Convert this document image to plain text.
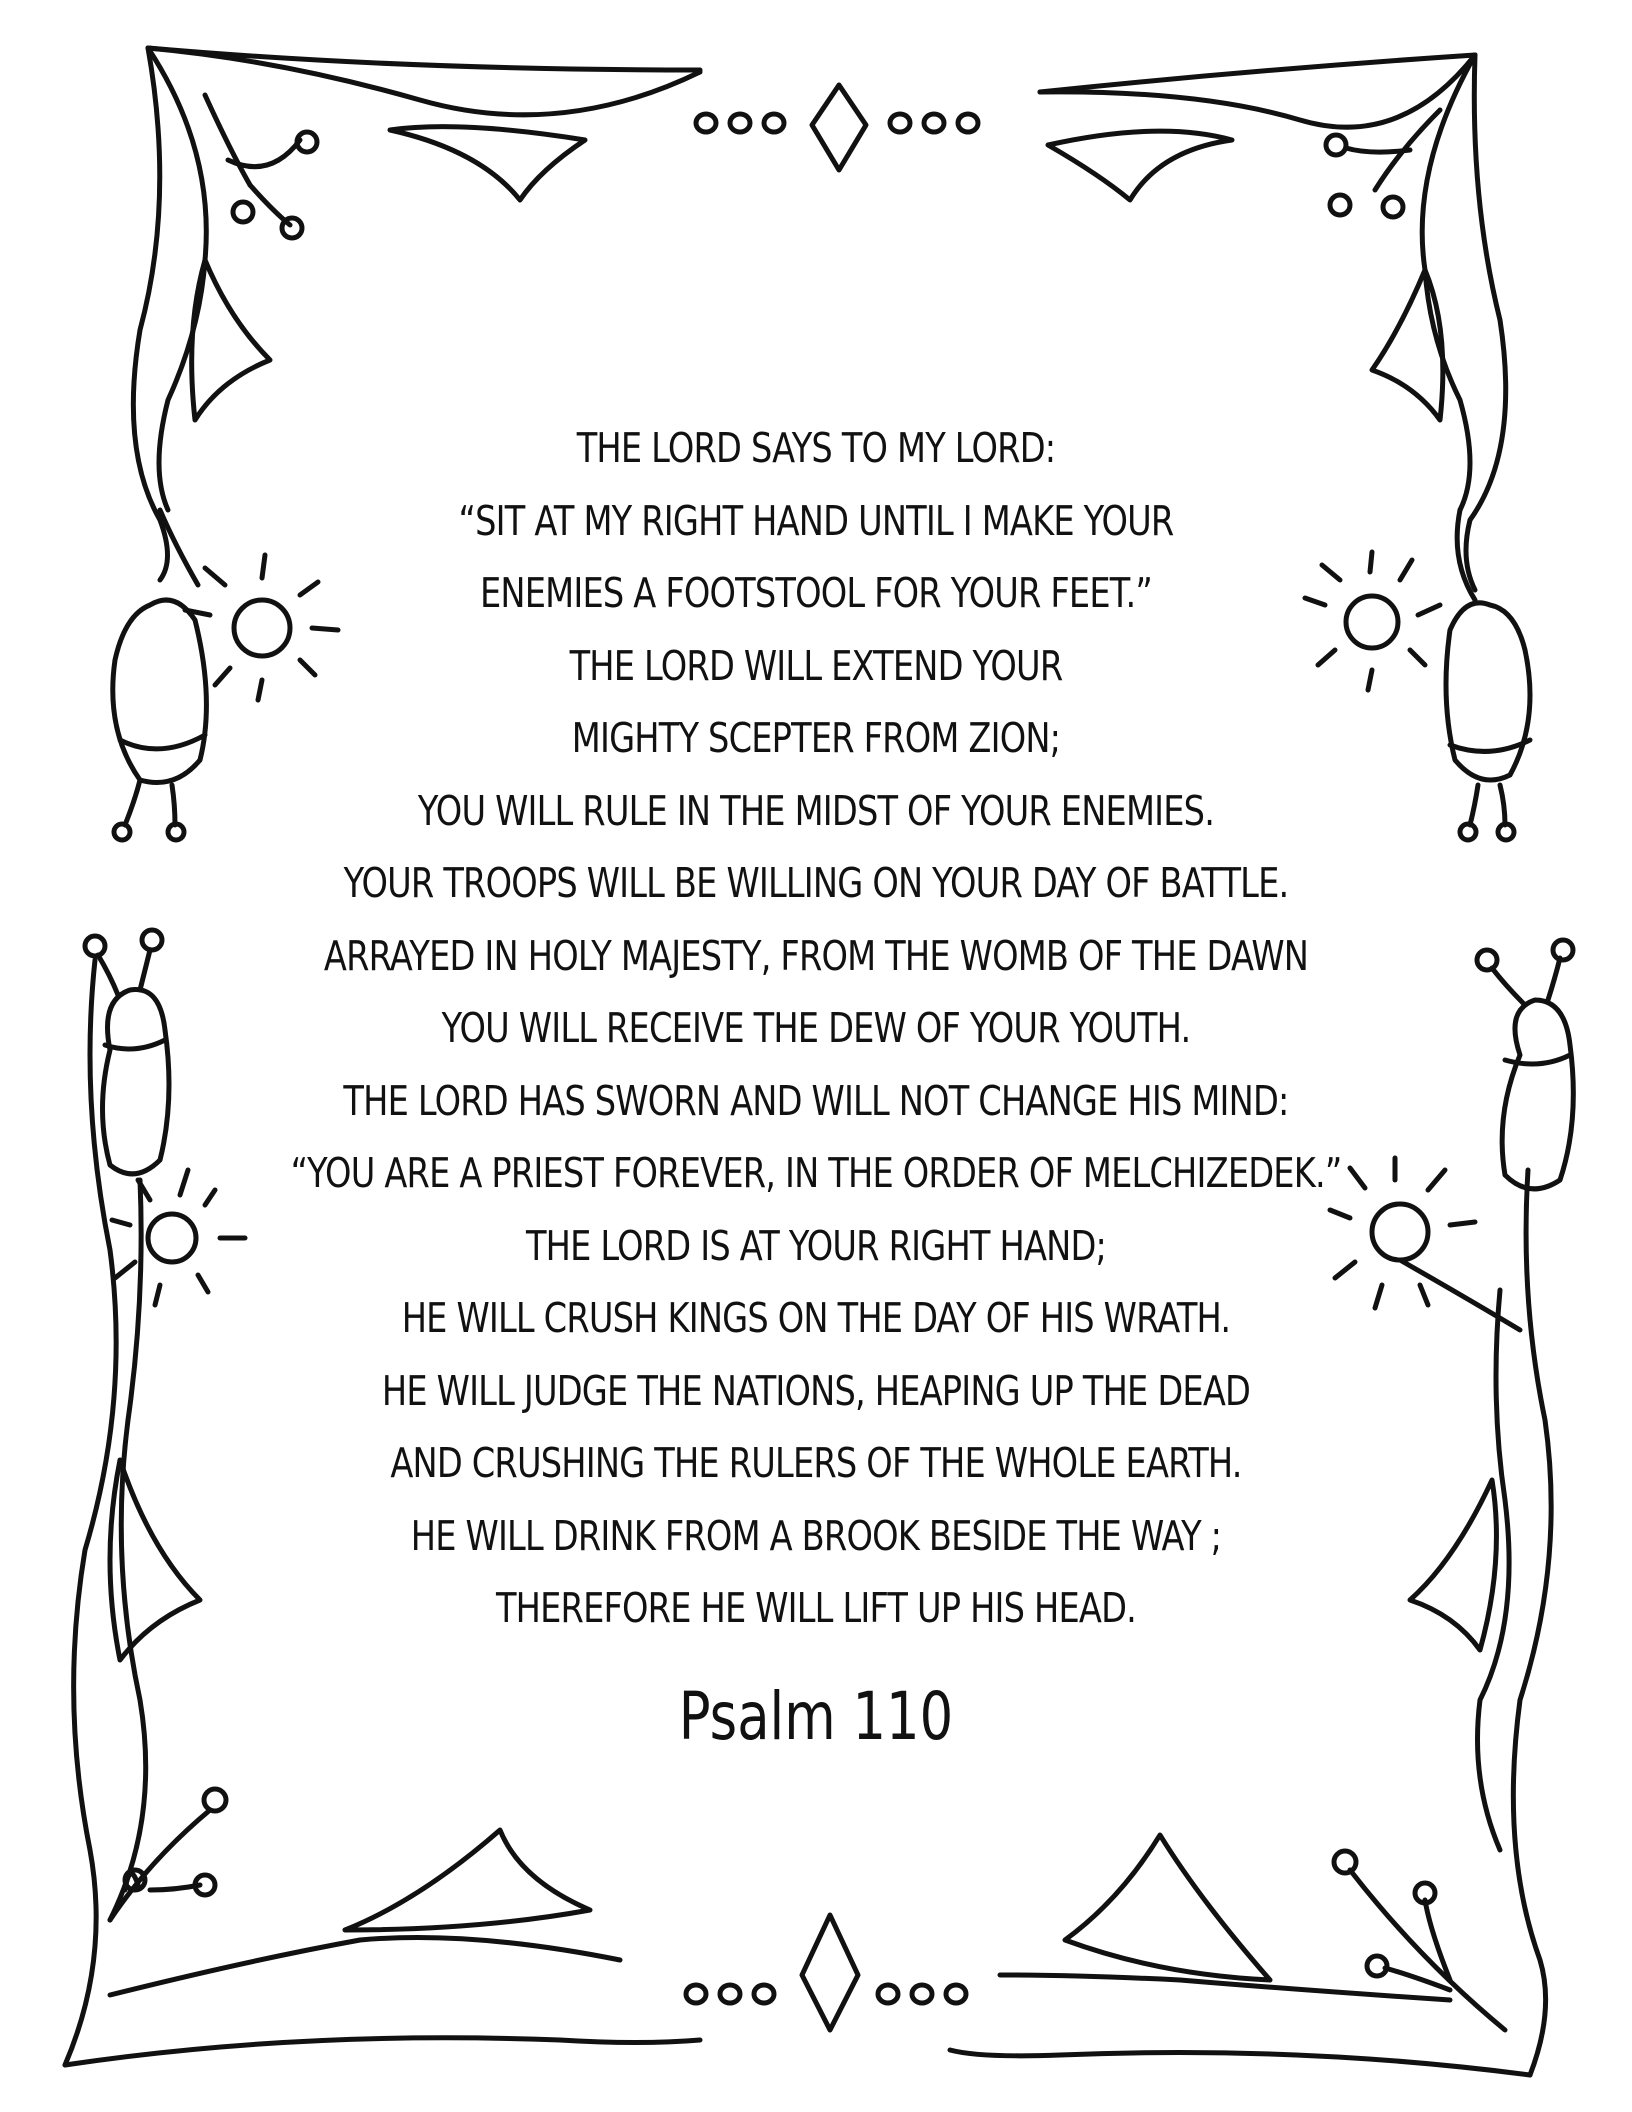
THE LORD SAYS TO MY LORD:
“SIT AT MY RIGHT HAND UNTIL I MAKE YOUR
ENEMIES A FOOTSTOOL FOR YOUR FEET.”
THE LORD WILL EXTEND YOUR
MIGHTY SCEPTER FROM ZION;
YOU WILL RULE IN THE MIDST OF YOUR ENEMIES.
YOUR TROOPS WILL BE WILLING ON YOUR DAY OF BATTLE.
ARRAYED IN HOLY MAJESTY, FROM THE WOMB OF THE DAWN
YOU WILL RECEIVE THE DEW OF YOUR YOUTH.
THE LORD HAS SWORN AND WILL NOT CHANGE HIS MIND:
“YOU ARE A PRIEST FOREVER, IN THE ORDER OF MELCHIZEDEK.”
THE LORD IS AT YOUR RIGHT HAND;
HE WILL CRUSH KINGS ON THE DAY OF HIS WRATH.
HE WILL JUDGE THE NATIONS, HEAPING UP THE DEAD
AND CRUSHING THE RULERS OF THE WHOLE EARTH.
HE WILL DRINK FROM A BROOK BESIDE THE WAY ;
THEREFORE HE WILL LIFT UP HIS HEAD.
Psalm 110
